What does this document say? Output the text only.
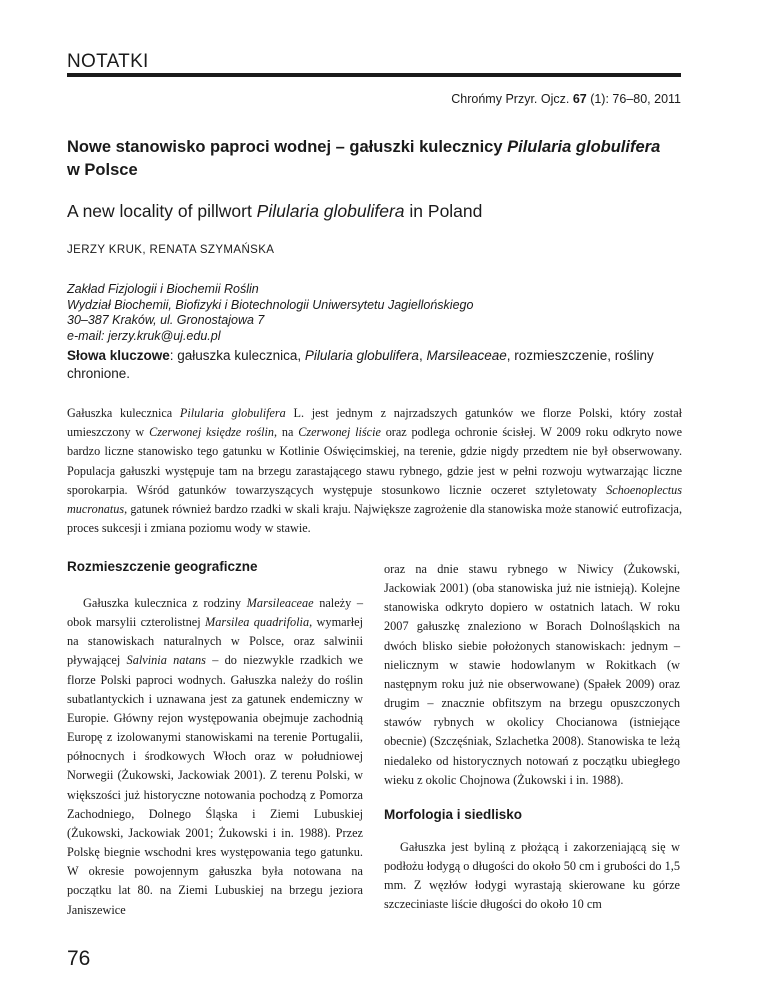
NOTATKI
Chrońmy Przyr. Ojcz. 67 (1): 76–80, 2011
Nowe stanowisko paproci wodnej – gałuszki kulecznicy Pilularia globulifera
w Polsce
A new locality of pillwort Pilularia globulifera in Poland
JERZY KRUK, RENATA SZYMAŃSKA
Zakład Fizjologii i Biochemii Roślin
Wydział Biochemii, Biofizyki i Biotechnologii Uniwersytetu Jagiellońskiego
30–387 Kraków, ul. Gronostajowa 7
e-mail: jerzy.kruk@uj.edu.pl
Słowa kluczowe: gałuszka kulecznica, Pilularia globulifera, Marsileaceae, rozmieszczenie, rośliny chronione.
Gałuszka kulecznica Pilularia globulifera L. jest jednym z najrzadszych gatunków we florze Polski, który został umieszczony w Czerwonej księdze roślin, na Czerwonej liście oraz podlega ochronie ścisłej. W 2009 roku odkryto nowe bardzo liczne stanowisko tego gatunku w Kotlinie Oświęcimskiej, na terenie, gdzie nigdy przedtem nie był obserwowany. Populacja gałuszki występuje tam na brzegu zarastającego stawu rybnego, gdzie jest w pełni rozwoju wytwarzając liczne sporokarpia. Wśród gatunków towarzyszących występuje stosunkowo licznie oczeret sztyletowaty Schoenoplectus mucronatus, gatunek również bardzo rzadki w skali kraju. Największe zagrożenie dla stanowiska może stanowić eutrofizacja, proces sukcesji i zmiana poziomu wody w stawie.
Rozmieszczenie geograficzne

Gałuszka kulecznica z rodziny Marsileaceae należy – obok marsylii czterolistnej Marsilea quadrifolia, wymarłej na stanowiskach naturalnych w Polsce, oraz salwinii pływającej Salvinia natans – do niezwykle rzadkich we florze Polski paproci wodnych. Gałuszka należy do roślin subatlantyckich i uznawana jest za gatunek endemiczny w Europie. Główny rejon występowania obejmuje zachodnią Europę z izolowanymi stanowiskami na terenie Portugalii, północnych i środkowych Włoch oraz w południowej Norwegii (Żukowski, Jackowiak 2001). Z terenu Polski, w większości już historyczne notowania pochodzą z Pomorza Zachodniego, Dolnego Śląska i Ziemi Lubuskiej (Żukowski, Jackowiak 2001; Żukowski i in. 1988). Przez Polskę biegnie wschodni kres występowania tego gatunku. W okresie powojennym gałuszka była notowana na początku lat 80. na Ziemi Lubuskiej na brzegu jeziora Janiszewice

oraz na dnie stawu rybnego w Niwicy (Żukowski, Jackowiak 2001) (oba stanowiska już nie istnieją). Kolejne stanowiska odkryto dopiero w ostatnich latach. W roku 2007 gałuszkę znaleziono w Borach Dolnośląskich na dwóch blisko siebie położonych stanowiskach: jednym – nielicznym w stawie hodowlanym w Rokitkach (w następnym roku już nie obserwowane) (Spałek 2009) oraz drugim – znacznie obfitszym na brzegu opuszczonych stawów rybnych w okolicy Chocianowa (istniejące obecnie) (Szczęśniak, Szlachetka 2008). Stanowiska te leżą niedaleko od historycznych notowań z początku ubiegłego wieku z okolic Chojnowa (Żukowski i in. 1988).

Morfologia i siedlisko

Gałuszka jest byliną z płożącą i zakorzeniającą się w podłożu łodygą o długości do około 50 cm i grubości do 1,5 mm. Z węzłów łodygi wyrastają skierowane ku górze szczeciniaste liście długości do około 10 cm

76
